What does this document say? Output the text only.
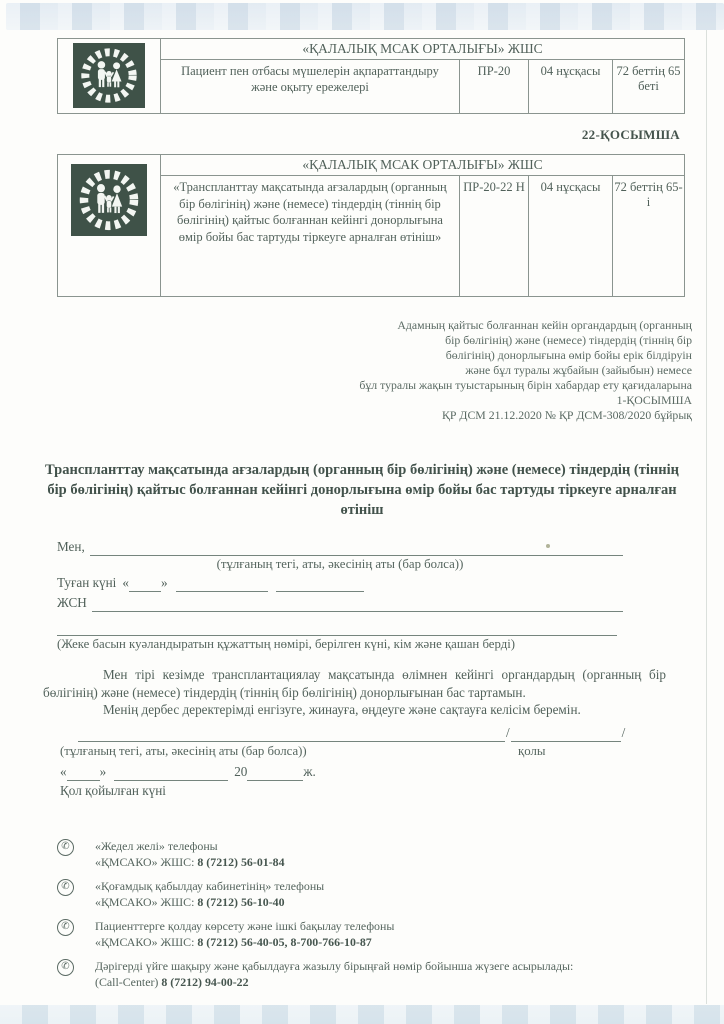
	«ҚАЛАЛЫҚ МСАК ОРТАЛЫҒЫ» ЖШС			
	Пациент пен отбасы мүшелерін ақпараттандыру және оқыту ережелері	ПР-20	04 нұсқасы	72 беттің 65 беті
22-ҚОСЫМША
	«ҚАЛАЛЫҚ МСАК ОРТАЛЫҒЫ» ЖШС			
	«Транспланттау мақсатында ағзалардың (органның бір бөлігінің) және (немесе) тіндердің (тіннің бір бөлігінің) қайтыс болғаннан кейінгі донорлығына өмір бойы бас тартуды тіркеуге арналған өтініш»	ПР-20-22 Н	04 нұсқасы	72 беттің 65-і
Адамның қайтыс болғаннан кейін органдардың (органның
бір бөлігінің) және (немесе) тіндердің (тіннің бір
бөлігінің) донорлығына өмір бойы ерік білдіруін
және бұл туралы жұбайын (зайыбын) немесе
бұл туралы жақын туыстарының бірін хабардар ету қағидаларына
1-ҚОСЫМША
ҚР ДСМ 21.12.2020 № ҚР ДСМ-308/2020 бұйрық
Транспланттау мақсатында ағзалардың (органның бір бөлігінің) және (немесе) тіндердің (тіннің бір бөлігінің) қайтыс болғаннан кейінгі донорлығына өмір бойы бас тартуды тіркеуге арналған өтініш
Мен,
(тұлғаның тегі, аты, әкесінің аты (бар болса))
Туған күні « »
ЖСН
(Жеке басын куәландыратын құжаттың нөмірі, берілген күні, кім және қашан берді)
Мен тірі кезімде трансплантациялау мақсатында өлімнен кейінгі органдардың (органның бір бөлігінің) және (немесе) тіндердің (тіннің бір бөлігінің) донорлығынан бас тартамын.
Менің дербес деректерімді енгізуге, жинауға, өңдеуге және сақтауға келісім беремін.
/	/
(тұлғаның тегі, аты, әкесінің аты (бар болса))	қолы
«	»	20	ж.
Қол қойылған күні
✆	«Жедел желі» телефоны
«ҚМСАКО» ЖШС: 8 (7212) 56-01-84
✆	«Қоғамдық қабылдау кабинетінің» телефоны
«ҚМСАКО» ЖШС: 8 (7212) 56-10-40
✆	Пациенттерге қолдау көрсету және ішкі бақылау телефоны
«ҚМСАКО» ЖШС: 8 (7212) 56-40-05, 8-700-766-10-87
✆	Дәрігерді үйге шақыру және қабылдауға жазылу бірыңғай нөмір бойынша жүзеге асырылады:
(Call-Center) 8 (7212) 94-00-22
